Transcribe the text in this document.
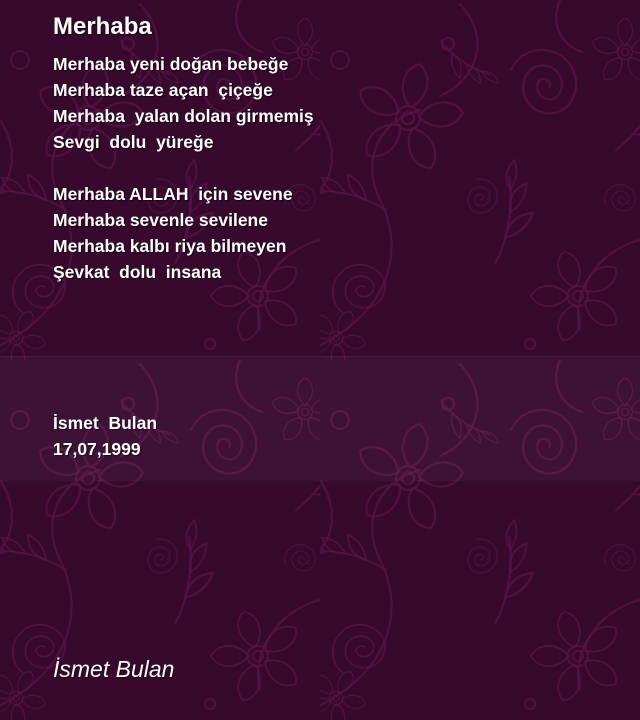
Merhaba
Merhaba yeni doğan bebeğe
Merhaba taze açan  çiçeğe
Merhaba  yalan dolan girmemiş
Sevgi  dolu  yüreğe
Merhaba ALLAH  için sevene
Merhaba sevenle sevilene
Merhaba kalbı riya bilmeyen
Şevkat  dolu  insana
İsmet  Bulan
17,07,1999
İsmet Bulan
